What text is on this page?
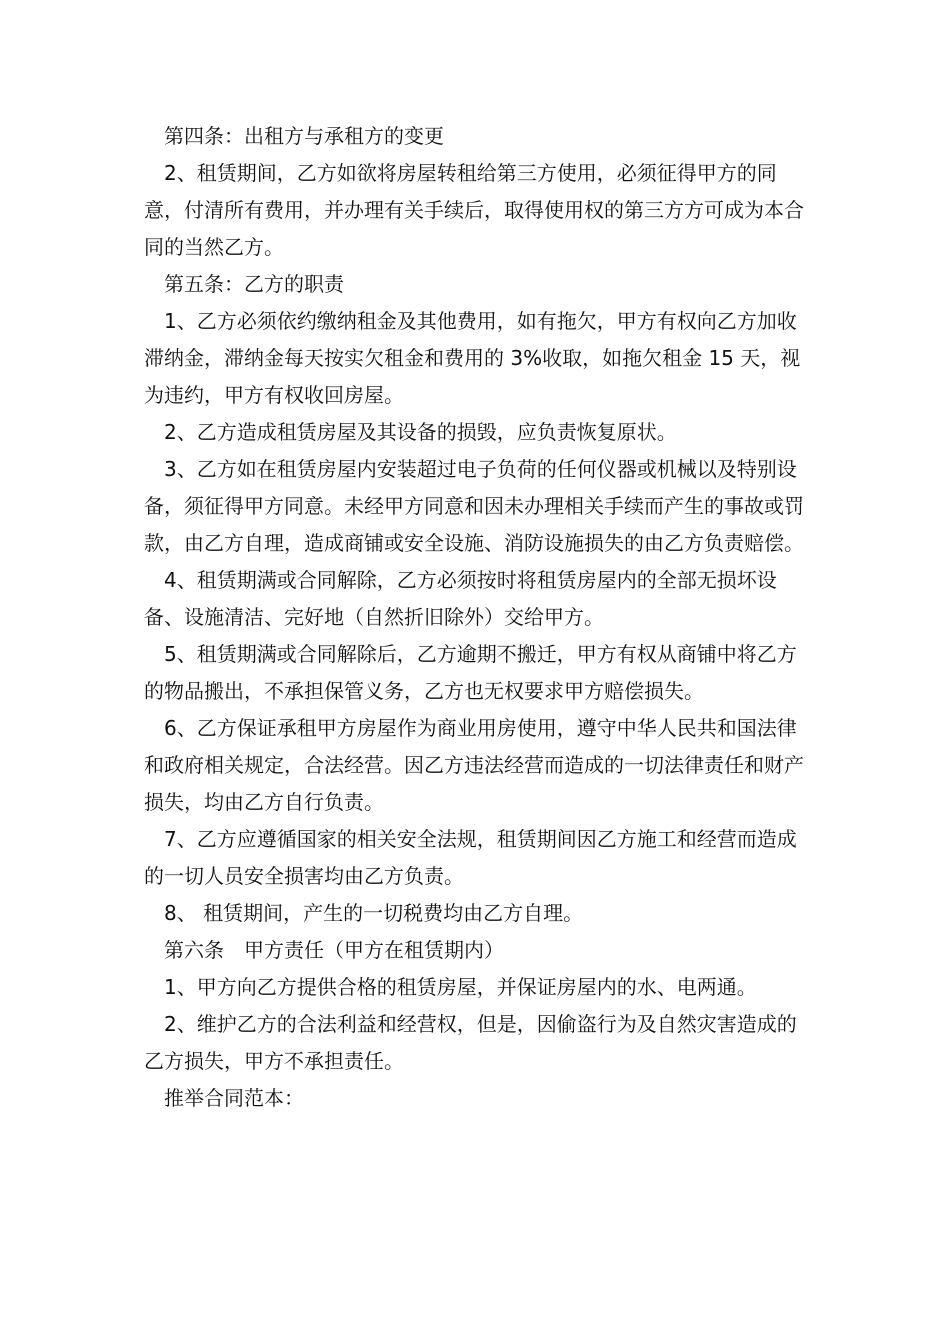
第四条：出租方与承租方的变更

2、租赁期间，乙方如欲将房屋转租给第三方使用，必须征得甲方的同意，付清所有费用，并办理有关手续后，取得使用权的第三方方可成为本合同的当然乙方。

第五条：乙方的职责

1、乙方必须依约缴纳租金及其他费用，如有拖欠，甲方有权向乙方加收滞纳金，滞纳金每天按实欠租金和费用的 3%收取，如拖欠租金 15 天，视为违约，甲方有权收回房屋。

2、乙方造成租赁房屋及其设备的损毁，应负责恢复原状。

3、乙方如在租赁房屋内安装超过电子负荷的任何仪器或机械以及特别设备，须征得甲方同意。未经甲方同意和因未办理相关手续而产生的事故或罚款，由乙方自理，造成商铺或安全设施、消防设施损失的由乙方负责赔偿。

4、租赁期满或合同解除，乙方必须按时将租赁房屋内的全部无损坏设备、设施清洁、完好地（自然折旧除外）交给甲方。

5、租赁期满或合同解除后，乙方逾期不搬迁，甲方有权从商铺中将乙方的物品搬出，不承担保管义务，乙方也无权要求甲方赔偿损失。

6、乙方保证承租甲方房屋作为商业用房使用，遵守中华人民共和国法律和政府相关规定，合法经营。因乙方违法经营而造成的一切法律责任和财产损失，均由乙方自行负责。

7、乙方应遵循国家的相关安全法规，租赁期间因乙方施工和经营而造成的一切人员安全损害均由乙方负责。

8、 租赁期间，产生的一切税费均由乙方自理。

第六条　甲方责任（甲方在租赁期内）

1、甲方向乙方提供合格的租赁房屋，并保证房屋内的水、电两通。

2、维护乙方的合法利益和经营权，但是，因偷盗行为及自然灾害造成的乙方损失，甲方不承担责任。

推举合同范本：
